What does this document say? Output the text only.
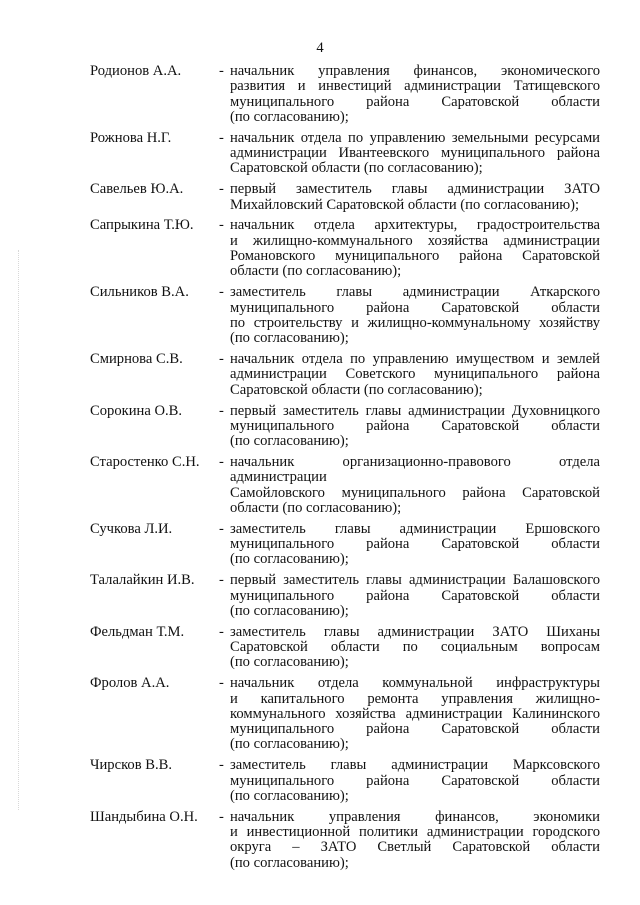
4
Родионов А.А.	- начальник управления финансов, экономического
развития и инвестиций администрации Татищевского
муниципального района Саратовской области
(по согласованию);
Рожнова Н.Г.	- начальник отдела по управлению земельными ресурсами
администрации Ивантеевского муниципального района
Саратовской области (по согласованию);
Савельев Ю.А.	- первый заместитель главы администрации ЗАТО
Михайловский Саратовской области (по согласованию);
Сапрыкина Т.Ю.	- начальник отдела архитектуры, градостроительства
и жилищно-коммунального хозяйства администрации
Романовского муниципального района Саратовской
области (по согласованию);
Сильников В.А.	- заместитель главы администрации Аткарского
муниципального района Саратовской области
по строительству и жилищно-коммунальному хозяйству
(по согласованию);
Смирнова С.В.	- начальник отдела по управлению имуществом и землей
администрации Советского муниципального района
Саратовской области (по согласованию);
Сорокина О.В.	- первый заместитель главы администрации Духовницкого
муниципального района Саратовской области
(по согласованию);
Старостенко С.Н.	- начальник организационно-правового отдела администрации
Самойловского муниципального района Саратовской
области (по согласованию);
Сучкова Л.И.	- заместитель главы администрации Ершовского
муниципального района Саратовской области
(по согласованию);
Талалайкин И.В.	- первый заместитель главы администрации Балашовского
муниципального района Саратовской области
(по согласованию);
Фельдман Т.М.	- заместитель главы администрации ЗАТО Шиханы
Саратовской области по социальным вопросам
(по согласованию);
Фролов А.А.	- начальник отдела коммунальной инфраструктуры
и капитального ремонта управления жилищно-
коммунального хозяйства администрации Калининского
муниципального района Саратовской области
(по согласованию);
Чирсков В.В.	- заместитель главы администрации Марксовского
муниципального района Саратовской области
(по согласованию);
Шандыбина О.Н.	- начальник управления финансов, экономики
и инвестиционной политики администрации городского
округа – ЗАТО Светлый Саратовской области
(по согласованию);
